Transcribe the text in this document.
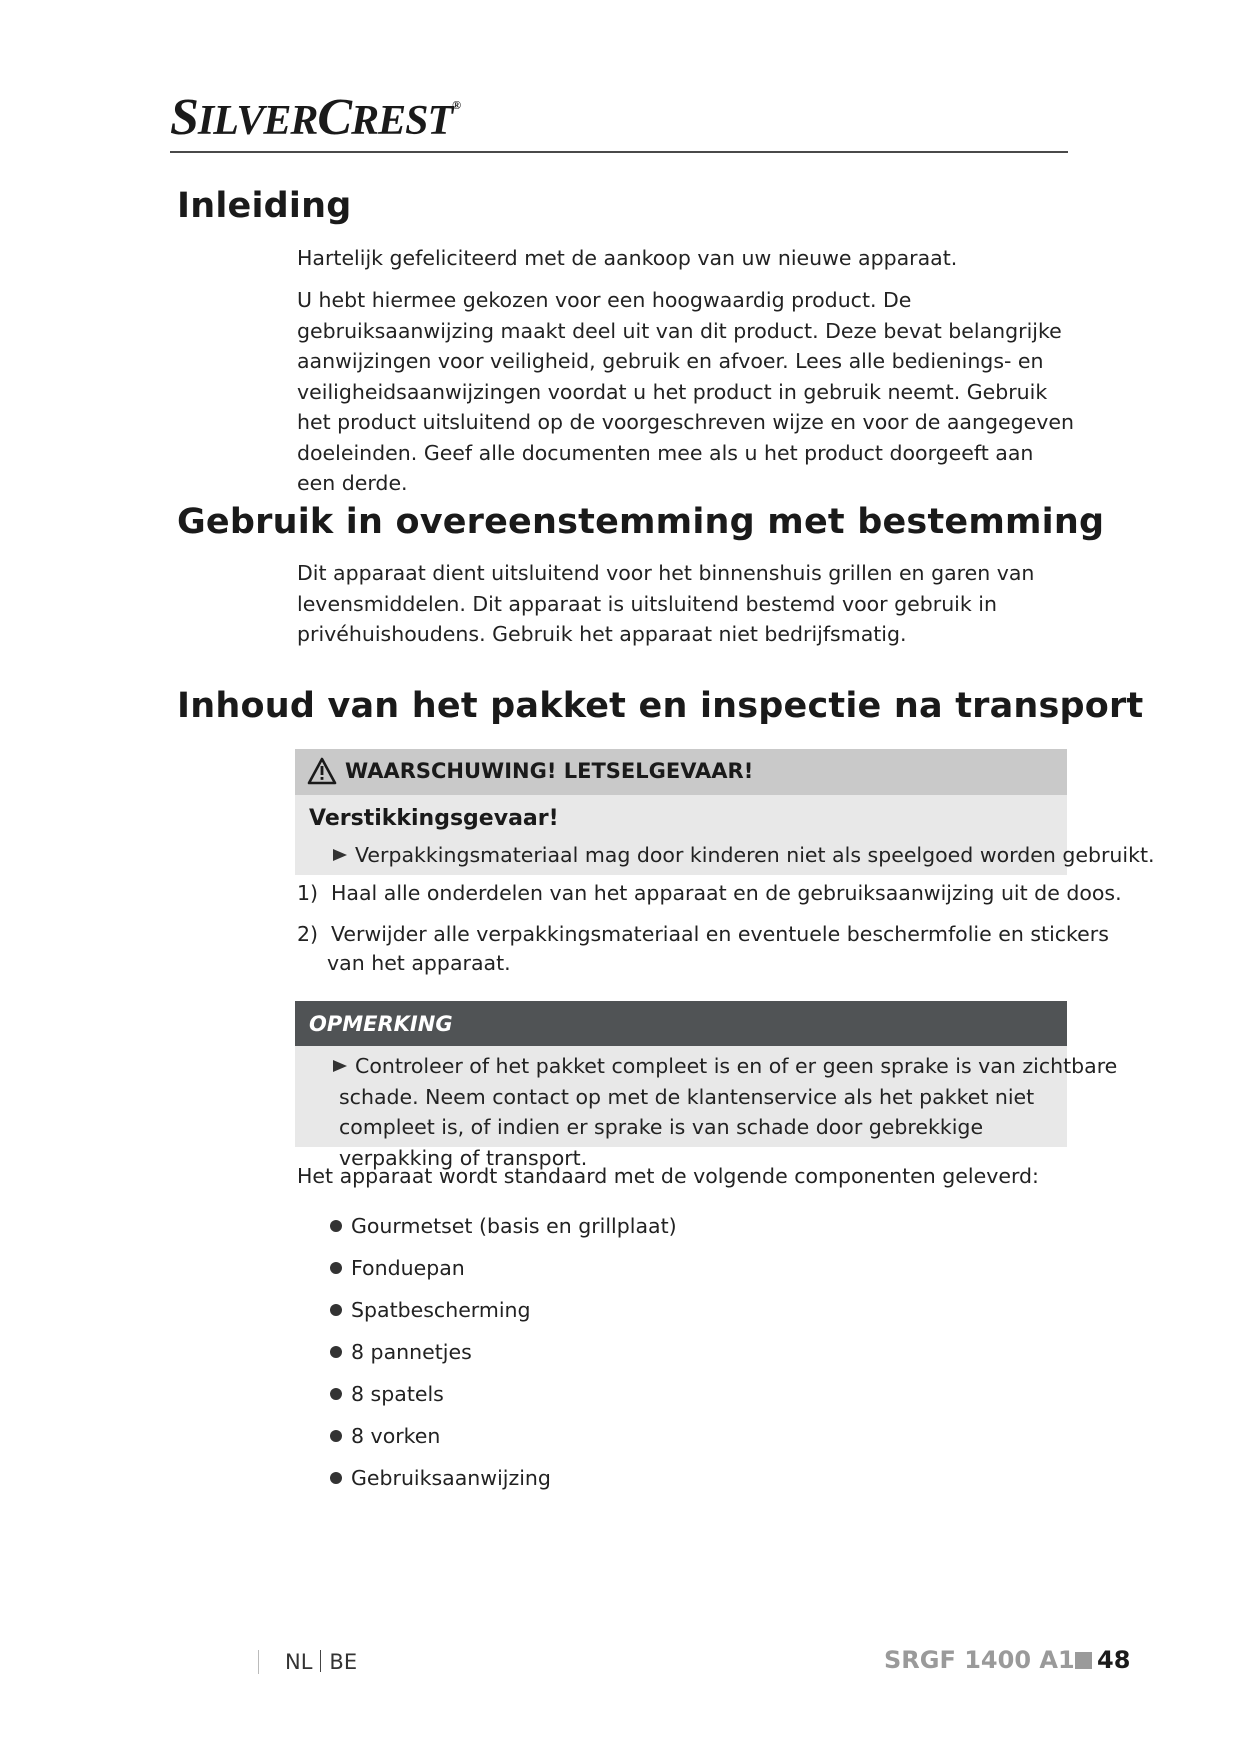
SILVERCREST®
Inleiding

Hartelijk gefeliciteerd met de aankoop van uw nieuwe apparaat.

U hebt hiermee gekozen voor een hoogwaardig product. De gebruiksaanwijzing maakt deel uit van dit product. Deze bevat belangrijke aanwijzingen voor veiligheid, gebruik en afvoer. Lees alle bedienings- en veiligheidsaanwijzingen voordat u het product in gebruik neemt. Gebruik het product uitsluitend op de voorgeschreven wijze en voor de aangegeven doeleinden. Geef alle documenten mee als u het product doorgeeft aan een derde.

Gebruik in overeenstemming met bestemming

Dit apparaat dient uitsluitend voor het binnenshuis grillen en garen van levensmiddelen. Dit apparaat is uitsluitend bestemd voor gebruik in privéhuishoudens. Gebruik het apparaat niet bedrijfsmatig.

Inhoud van het pakket en inspectie na transport
WAARSCHUWING! LETSELGEVAAR!
Verstikkingsgevaar!
Verpakkingsmateriaal mag door kinderen niet als speelgoed worden gebruikt.
1) Haal alle onderdelen van het apparaat en de gebruiksaanwijzing uit de doos.
2) Verwijder alle verpakkingsmateriaal en eventuele beschermfolie en stickers
van het apparaat.
OPMERKING
Controleer of het pakket compleet is en of er geen sprake is van zichtbare
schade. Neem contact op met de klantenservice als het pakket niet compleet is, of indien er sprake is van schade door gebrekkige verpakking of transport.
Het apparaat wordt standaard met de volgende componenten geleverd:
Gourmetset (basis en grillplaat)
Fonduepan
Spatbescherming
8 pannetjes
8 spatels
8 vorken
Gebruiksaanwijzing
NL BE	SRGF 1400 A1 48
